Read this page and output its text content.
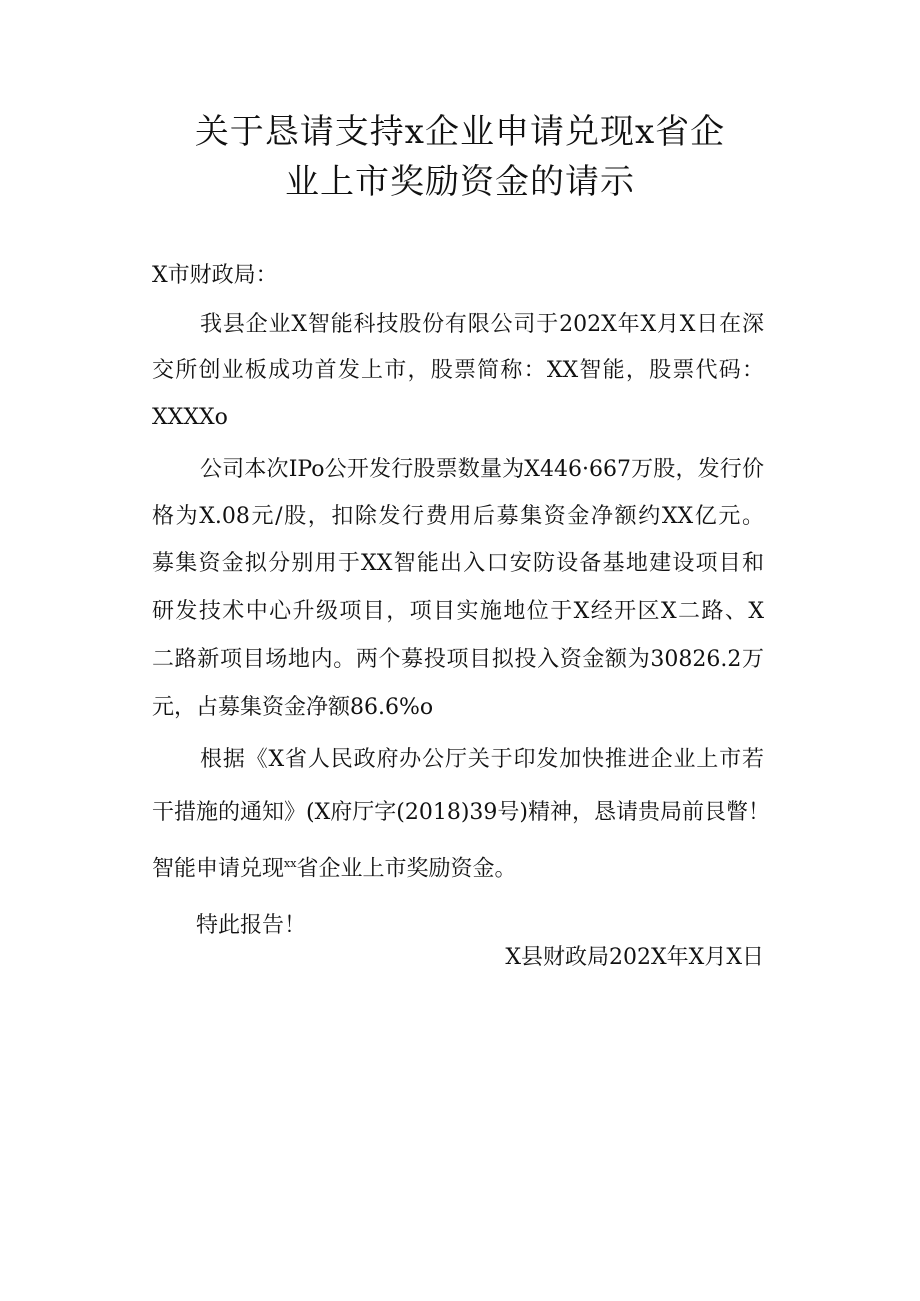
关于恳请支持x企业申请兑现x省企
业上市奖励资金的请示
X市财政局：
我县企业X智能科技股份有限公司于202X年X月X日在深
交所创业板成功首发上市，股票简称：XX智能，股票代码：
XXXXo
公司本次IPo公开发行股票数量为X446·667万股，发行价
格为X.08元/股，扣除发行费用后募集资金净额约XX亿元。
募集资金拟分别用于XX智能出入口安防设备基地建设项目和
研发技术中心升级项目，项目实施地位于X经开区X二路、X
二路新项目场地内。两个募投项目拟投入资金额为30826.2万
元，占募集资金净额86.6%o
根据《X省人民政府办公厅关于印发加快推进企业上市若
干措施的通知》(X府厅字(2018)39号)精神，恳请贵局前艮瞥！
智能申请兑现$^{xx}$省企业上市奖励资金。
特此报告！
X县财政局202X年X月X日
